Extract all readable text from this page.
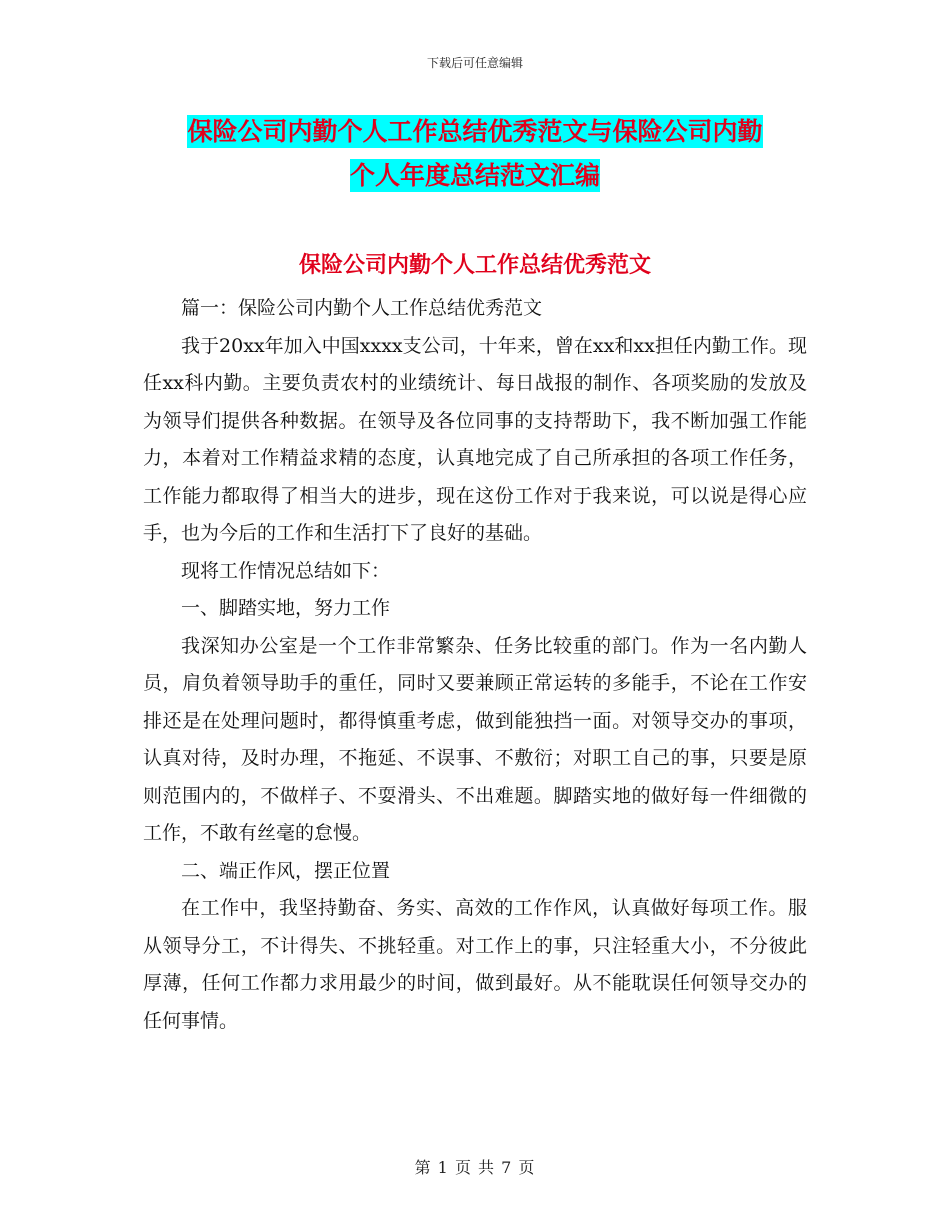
下载后可任意编辑
保险公司内勤个人工作总结优秀范文与保险公司内勤
个人年度总结范文汇编
保险公司内勤个人工作总结优秀范文

篇一：保险公司内勤个人工作总结优秀范文

我于20xx年加入中国xxxx支公司，十年来，曾在xx和xx担任内勤工作。现任xx科内勤。主要负责农村的业绩统计、每日战报的制作、各项奖励的发放及为领导们提供各种数据。在领导及各位同事的支持帮助下，我不断加强工作能力，本着对工作精益求精的态度，认真地完成了自己所承担的各项工作任务，工作能力都取得了相当大的进步，现在这份工作对于我来说，可以说是得心应手，也为今后的工作和生活打下了良好的基础。

现将工作情况总结如下：

一、脚踏实地，努力工作

我深知办公室是一个工作非常繁杂、任务比较重的部门。作为一名内勤人员，肩负着领导助手的重任，同时又要兼顾正常运转的多能手，不论在工作安排还是在处理问题时，都得慎重考虑，做到能独挡一面。对领导交办的事项，认真对待，及时办理，不拖延、不误事、不敷衍；对职工自己的事，只要是原则范围内的，不做样子、不耍滑头、不出难题。脚踏实地的做好每一件细微的工作，不敢有丝毫的怠慢。

二、端正作风，摆正位置

在工作中，我坚持勤奋、务实、高效的工作作风，认真做好每项工作。服从领导分工，不计得失、不挑轻重。对工作上的事，只注轻重大小，不分彼此厚薄，任何工作都力求用最少的时间，做到最好。从不能耽误任何领导交办的任何事情。

第 1 页 共 7 页
